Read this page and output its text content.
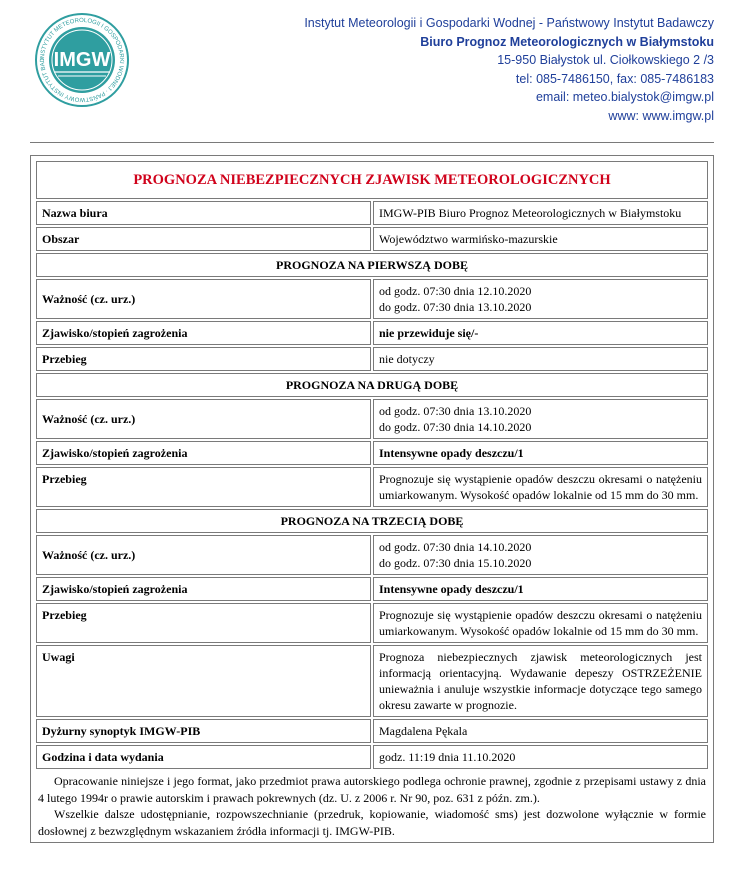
INSTYTUT METEOROLOGII I GOSPODARKI WODNEJ · PAŃSTWOWY INSTYTUT BAD IMGW
Instytut Meteorologii i Gospodarki Wodnej - Państwowy Instytut Badawczy
Biuro Prognoz Meteorologicznych w Białymstoku
15-950 Białystok ul. Ciołkowskiego 2 /3
tel: 085-7486150, fax: 085-7486183
email: meteo.bialystok@imgw.pl
www: www.imgw.pl
PROGNOZA NIEBEZPIECZNYCH ZJAWISK METEOROLOGICZNYCH	
Nazwa biura	IMGW-PIB Biuro Prognoz Meteorologicznych w Białymstoku
Obszar	Województwo warmińsko-mazurskie
PROGNOZA NA PIERWSZĄ DOBĘ	
Ważność (cz. urz.)	od godz. 07:30 dnia 12.10.2020
do godz. 07:30 dnia 13.10.2020

Zjawisko/stopień zagrożenia	nie przewiduje się/-
Przebieg	nie dotyczy
PROGNOZA NA DRUGĄ DOBĘ	
Ważność (cz. urz.)	od godz. 07:30 dnia 13.10.2020
do godz. 07:30 dnia 14.10.2020

Zjawisko/stopień zagrożenia	Intensywne opady deszczu/1
Przebieg	Prognozuje się wystąpienie opadów deszczu okresami o natężeniu umiarkowanym. Wysokość opadów lokalnie od 15 mm do 30 mm.
PROGNOZA NA TRZECIĄ DOBĘ	
Ważność (cz. urz.)	od godz. 07:30 dnia 14.10.2020
do godz. 07:30 dnia 15.10.2020

Zjawisko/stopień zagrożenia	Intensywne opady deszczu/1
Przebieg	Prognozuje się wystąpienie opadów deszczu okresami o natężeniu umiarkowanym. Wysokość opadów lokalnie od 15 mm do 30 mm.
Uwagi	Prognoza niebezpiecznych zjawisk meteorologicznych jest informacją orientacyjną. Wydawanie depeszy OSTRZEŻENIE unieważnia i anuluje wszystkie informacje dotyczące tego samego okresu zawarte w prognozie.
Dyżurny synoptyk IMGW-PIB	Magdalena Pękala
Godzina i data wydania	godz. 11:19 dnia 11.10.2020

Opracowanie niniejsze i jego format, jako przedmiot prawa autorskiego podlega ochronie prawnej, zgodnie z przepisami ustawy z dnia 4 lutego 1994r o prawie autorskim i prawach pokrewnych (dz. U. z 2006 r. Nr 90, poz. 631 z późn. zm.).

Wszelkie dalsze udostępnianie, rozpowszechnianie (przedruk, kopiowanie, wiadomość sms) jest dozwolone wyłącznie w formie dosłownej z bezwzględnym wskazaniem źródła informacji tj. IMGW-PIB.
